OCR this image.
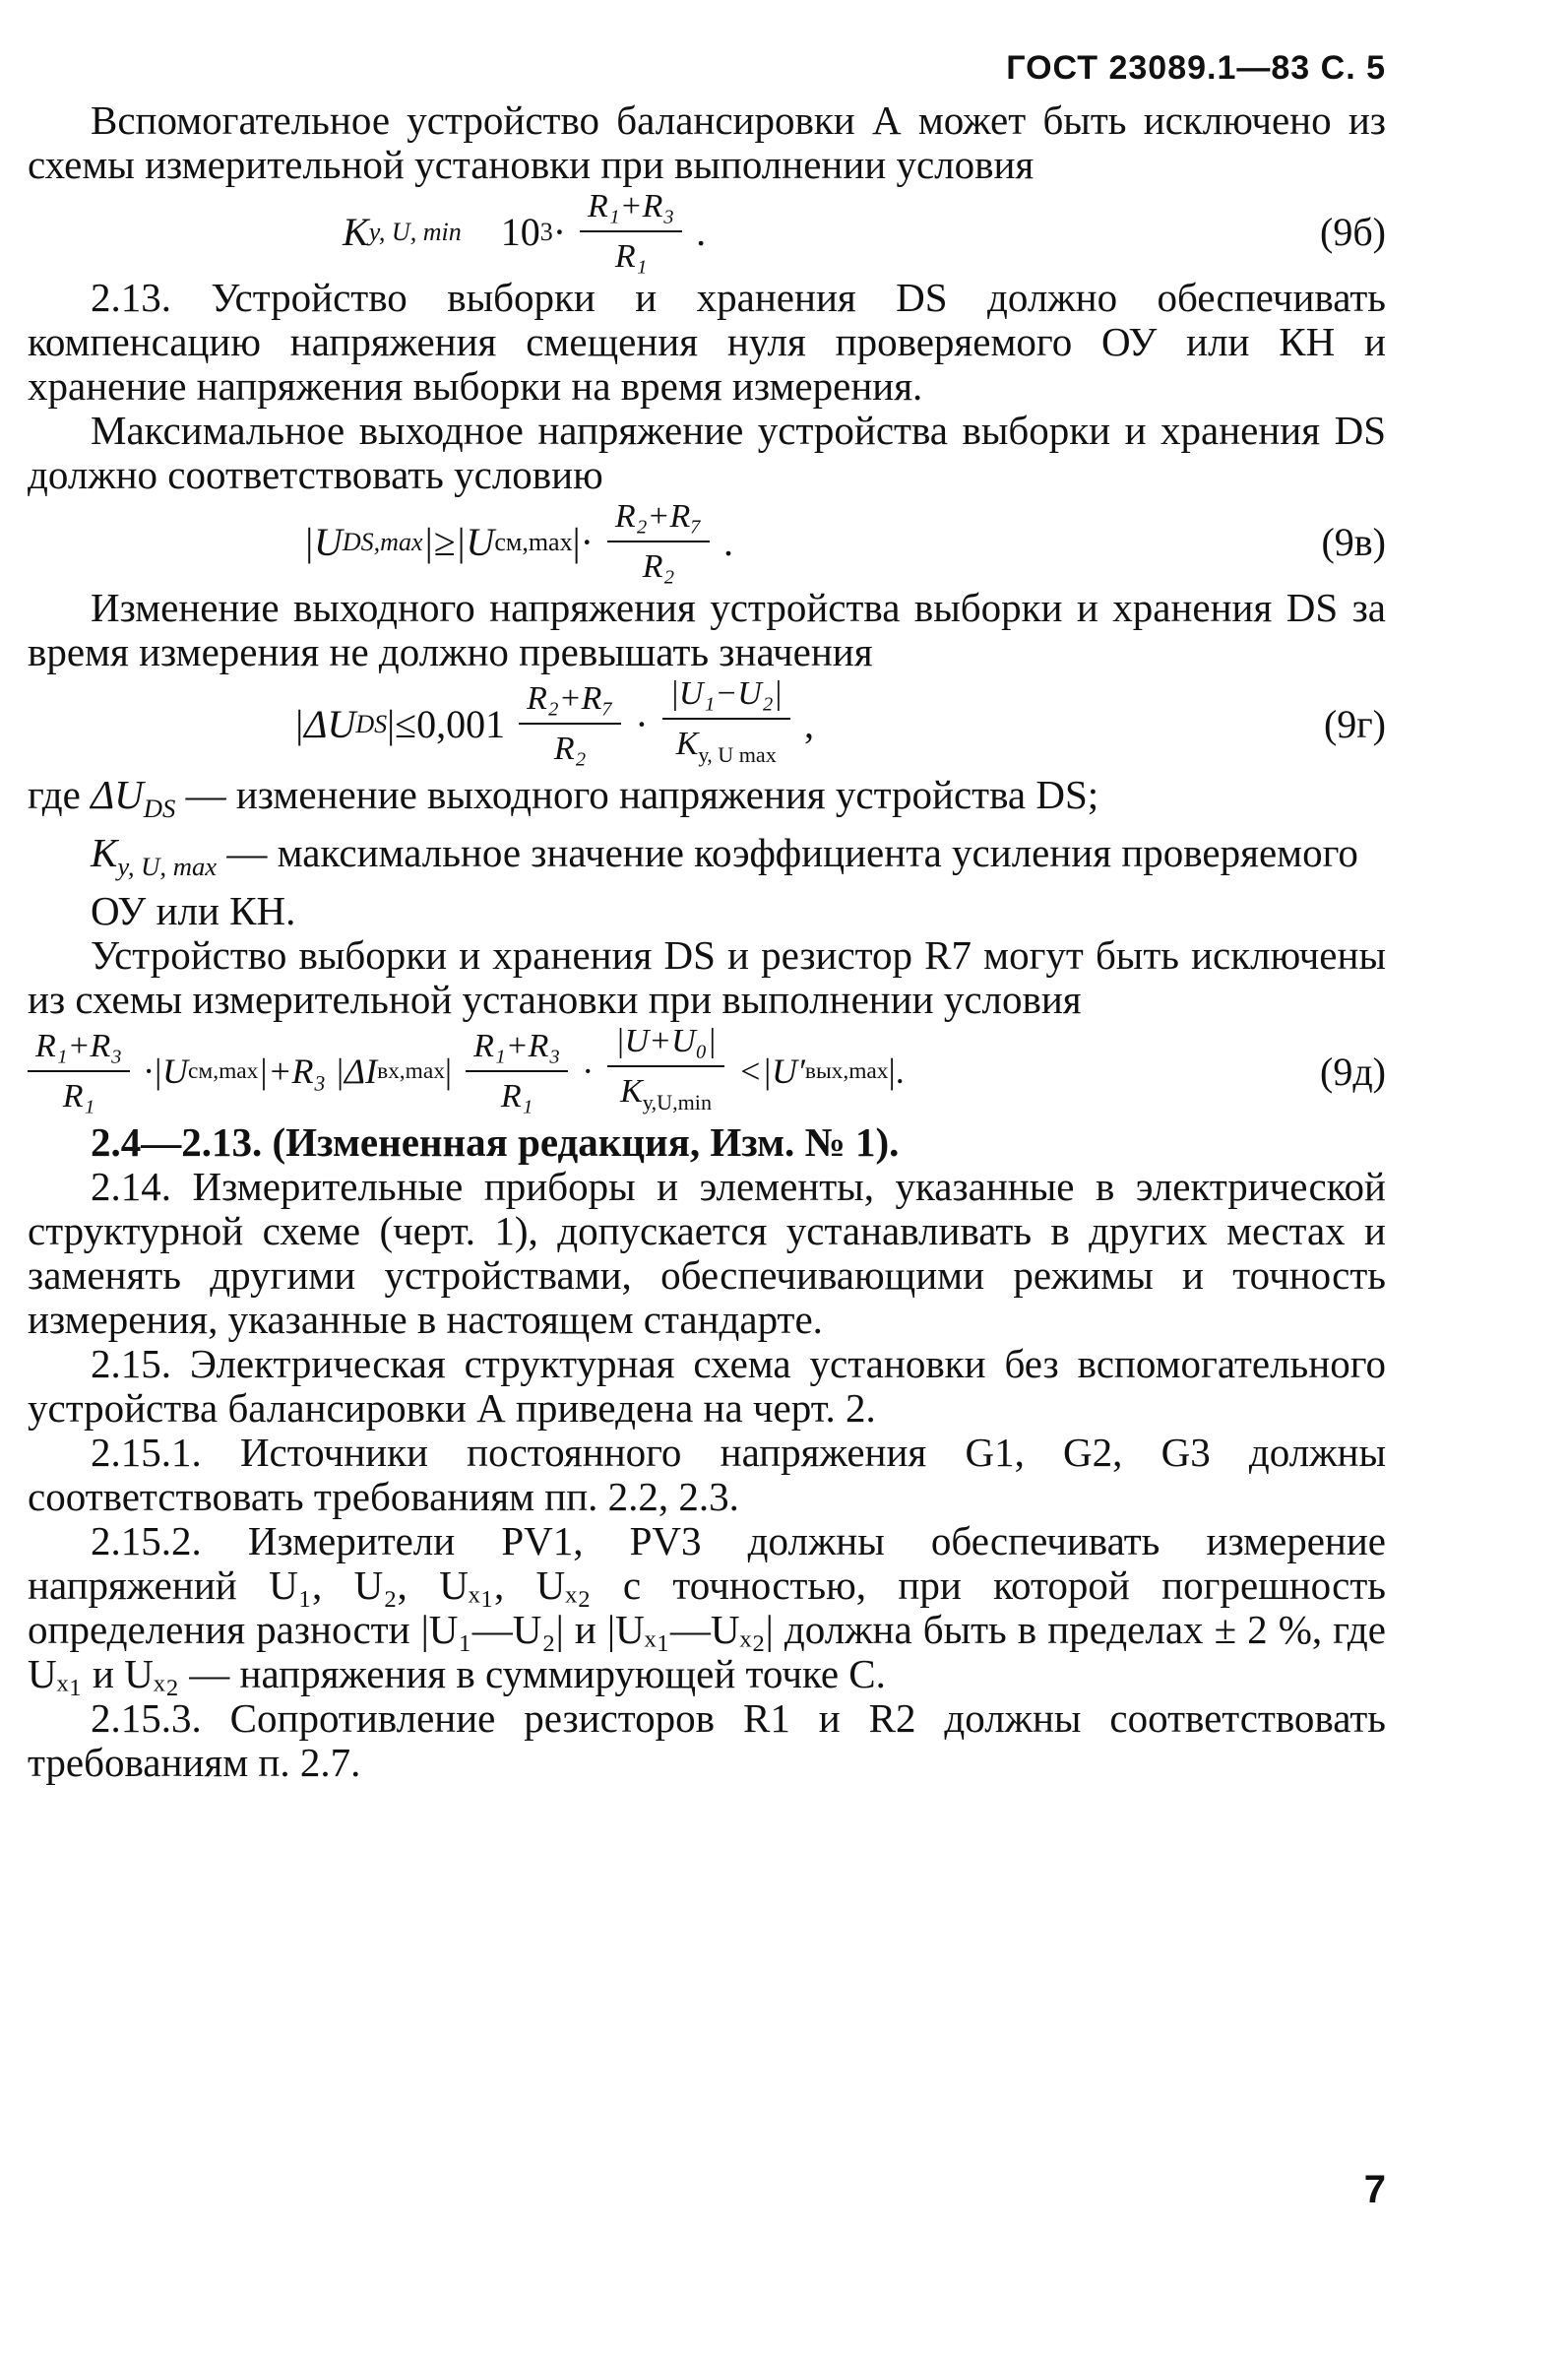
ГОСТ 23089.1—83 С. 5

Вспомогательное устройство балансировки А может быть исключено из схемы измерительной установки при выполнении условия

K у, U, min 10 $3 \cdot \frac{\text{R₁+R₃}}{\text{R₁}}$ .	(9б)

2.13. Устройство выборки и хранения DS должно обеспечивать компенсацию напряжения смещения нуля проверяемого ОУ или КН и хранение напряжения выборки на время измерения.

Максимальное выходное напряжение устройства выборки и хранения DS должно соответствовать условию

|U DS,max |≥|U см,max |· $\frac{\text{R₂+R₇}}{\text{R₂}}$ .	(9в)

Изменение выходного напряжения устройства выборки и хранения DS за время измерения не должно превышать значения

|ΔU DS $|\le 0,001 \frac{\text{R₂+R₇}}{\text{R₂}} \cdot \frac{\text{|U₁−U₂|}}{K_{у, U max}}$ ,	(9г)

где $\Delta U_{DS}$ — изменение выходного напряжения устройства DS;

$K_{у, U, max}$ — максимальное значение коэффициента усиления проверяемого ОУ или КН.

Устройство выборки и хранения DS и резистор R7 могут быть исключены из схемы измерительной установки при выполнении условия

$\frac{\text{R₁+R₃}}{\text{R₁}} \cdot|U$ см,max |+R₃ |ΔI вх,max | $\frac{\text{R₁+R₃}}{\text{R₁}} \cdot \frac{\text{|U+U₀|}}{K_{у,U,min}} <|U'$ вых,max |.	(9д)

2.4—2.13. (Измененная редакция, Изм. № 1).

2.14. Измерительные приборы и элементы, указанные в электрической структурной схеме (черт. 1), допускается устанавливать в других местах и заменять другими устройствами, обеспечивающими режимы и точность измерения, указанные в настоящем стандарте.

2.15. Электрическая структурная схема установки без вспомогательного устройства балансировки А приведена на черт. 2.

2.15.1. Источники постоянного напряжения G1, G2, G3 должны соответствовать требованиям пп. 2.2, 2.3.

2.15.2. Измерители PV1, PV3 должны обеспечивать измерение напряжений U₁, U₂, Uₓ₁, Uₓ₂ с точностью, при которой погрешность определения разности |U₁—U₂| и |Uₓ₁—Uₓ₂| должна быть в пределах ± 2 %, где Uₓ₁ и Uₓ₂ — напряжения в суммирующей точке С.

2.15.3. Сопротивление резисторов R1 и R2 должны соответствовать требованиям п. 2.7.

7
